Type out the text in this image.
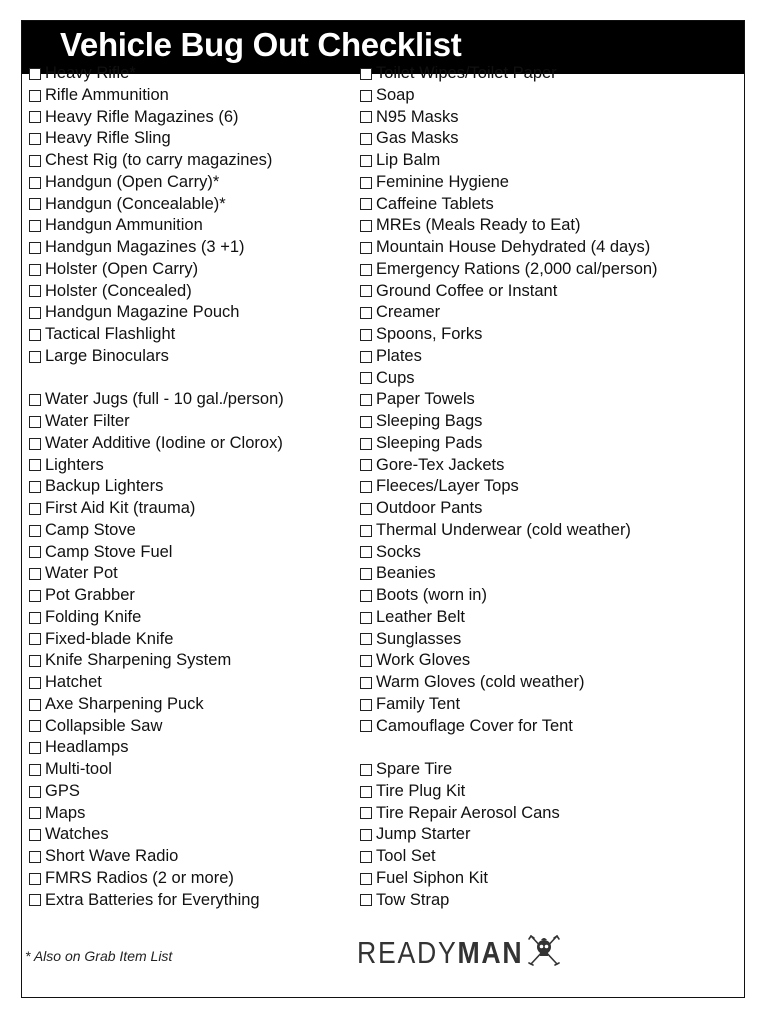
Vehicle Bug Out Checklist
Heavy Rifle*
Rifle Ammunition
Heavy Rifle Magazines (6)
Heavy Rifle Sling
Chest Rig (to carry magazines)
Handgun (Open Carry)*
Handgun (Concealable)*
Handgun Ammunition
Handgun Magazines (3 +1)
Holster (Open Carry)
Holster (Concealed)
Handgun Magazine Pouch
Tactical Flashlight
Large Binoculars
Water Jugs (full - 10 gal./person)
Water Filter
Water Additive (Iodine or Clorox)
Lighters
Backup Lighters
First Aid Kit (trauma)
Camp Stove
Camp Stove Fuel
Water Pot
Pot Grabber
Folding Knife
Fixed-blade Knife
Knife Sharpening System
Hatchet
Axe Sharpening Puck
Collapsible Saw
Headlamps
Multi-tool
GPS
Maps
Watches
Short Wave Radio
FMRS Radios (2 or more)
Extra Batteries for Everything
Toilet Wipes/Toilet Paper
Soap
N95 Masks
Gas Masks
Lip Balm
Feminine Hygiene
Caffeine Tablets
MREs (Meals Ready to Eat)
Mountain House Dehydrated (4 days)
Emergency Rations (2,000 cal/person)
Ground Coffee or Instant
Creamer
Spoons, Forks
Plates
Cups
Paper Towels
Sleeping Bags
Sleeping Pads
Gore-Tex Jackets
Fleeces/Layer Tops
Outdoor Pants
Thermal Underwear (cold weather)
Socks
Beanies
Boots (worn in)
Leather Belt
Sunglasses
Work Gloves
Warm Gloves (cold weather)
Family Tent
Camouflage Cover for Tent
Spare Tire
Tire Plug Kit
Tire Repair Aerosol Cans
Jump Starter
Tool Set
Fuel Siphon Kit
Tow Strap
* Also on Grab Item List	READYMAN
